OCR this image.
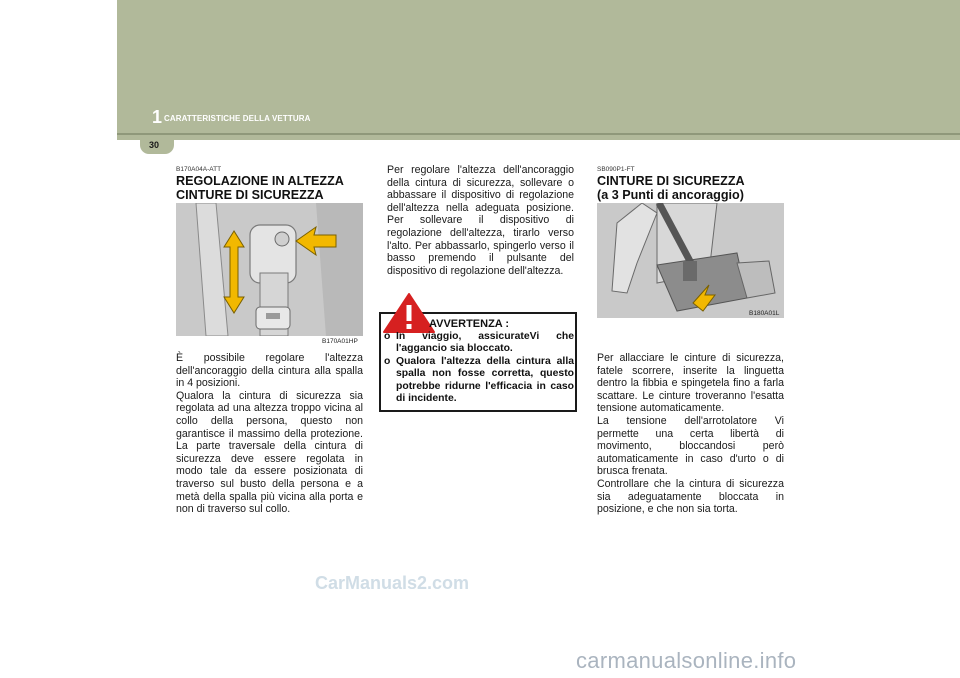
1 CARATTERISTICHE DELLA VETTURA
30
B170A04A-ATT
REGOLAZIONE IN ALTEZZA
CINTURE DI SICUREZZA
B170A01HP

È possibile regolare l'altezza dell'ancoraggio della cintura alla spalla in 4 posizioni.
Qualora la cintura di sicurezza sia regolata ad una altezza troppo vicina al collo della persona, questo non garantisce il massimo della protezione. La parte traversale della cintura di sicurezza deve essere regolata in modo tale da essere posizionata di traverso sul busto della persona e a metà della spalla più vicina alla porta e non di traverso sul collo.

Per regolare l'altezza dell'ancoraggio della cintura di sicurezza, sollevare o abbassare il dispositivo di regolazione dell'altezza nella adeguata posizione. Per sollevare il dispositivo di regolazione dell'altezza, tirarlo verso l'alto. Per abbassarlo, spingerlo verso il basso premendo il pulsante del dispositivo di regolazione dell'altezza.

AVVERTENZA :
o In viaggio, assicurateVi che l'aggancio sia bloccato.
o Qualora l'altezza della cintura alla spalla non fosse corretta, questo potrebbe ridurne l'efficacia in caso di incidente.
SB090P1-FT
CINTURE DI SICUREZZA
(a 3 Punti di ancoraggio)
B180A01L

Per allacciare le cinture di sicurezza, fatele scorrere, inserite la linguetta dentro la fibbia e spingetela fino a farla scattare. Le cinture troveranno l'esatta tensione automaticamente.
La tensione dell'arrotolatore Vi permette una certa libertà di movimento, bloccandosi però automaticamente in caso d'urto o di brusca frenata.
Controllare che la cintura di sicurezza sia adeguatamente bloccata in posizione, e che non sia torta.

CarManuals2.com
carmanualsonline.info
